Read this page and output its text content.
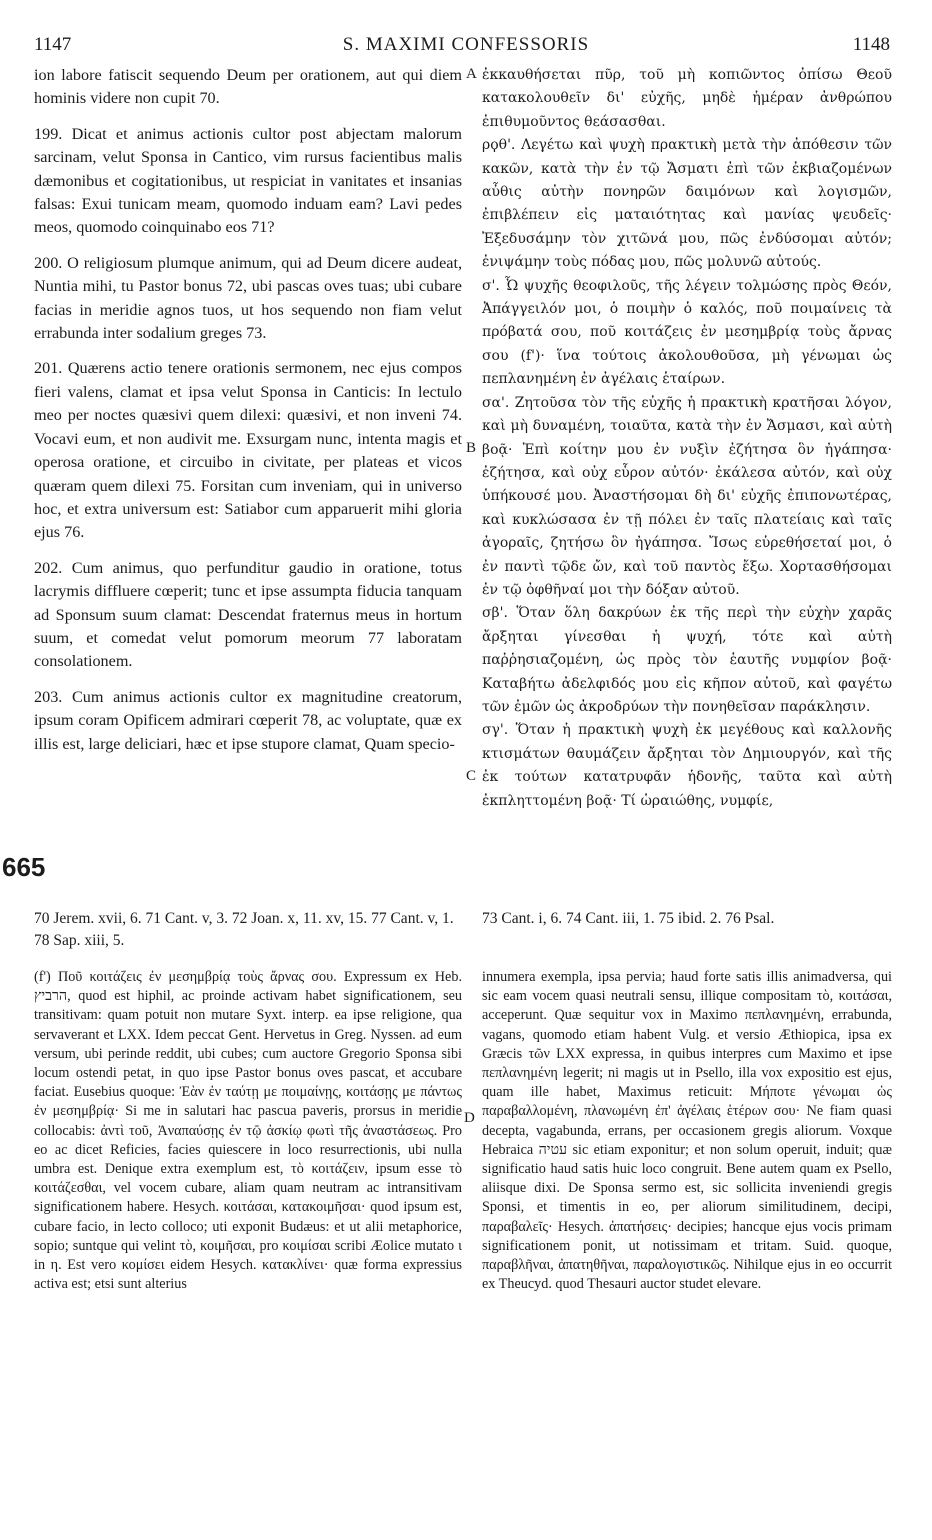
1147	S. MAXIMI CONFESSORIS	1148

ion labore fatiscit sequendo Deum per orationem, aut qui diem hominis videre non cupit 70.

199. Dicat et animus actionis cultor post abjectam malorum sarcinam, velut Sponsa in Cantico, vim rursus facientibus malis dæmonibus et cogitationibus, ut respiciat in vanitates et insanias falsas: Exui tunicam meam, quomodo induam eam? Lavi pedes meos, quomodo coinquinabo eos 71?

200. O religiosum plumque animum, qui ad Deum dicere audeat, Nuntia mihi, tu Pastor bonus 72, ubi pascas oves tuas; ubi cubare facias in meridie agnos tuos, ut hos sequendo non fiam velut errabunda inter sodalium greges 73.

201. Quærens actio tenere orationis sermonem, nec ejus compos fieri valens, clamat et ipsa velut Sponsa in Canticis: In lectulo meo per noctes quæsivi quem dilexi: quæsivi, et non inveni 74. Vocavi eum, et non audivit me. Exsurgam nunc, intenta magis et operosa oratione, et circuibo in civitate, per plateas et vicos quæram quem dilexi 75. Forsitan cum inveniam, qui in universo hoc, et extra universum est: Satiabor cum apparuerit mihi gloria ejus 76.

202. Cum animus, quo perfunditur gaudio in oratione, totus lacrymis diffluere cœperit; tunc et ipse assumpta fiducia tanquam ad Sponsum suum clamat: Descendat fraternus meus in hortum suum, et comedat velut pomorum meorum 77 laboratam consolationem.

203. Cum animus actionis cultor ex magnitudine creatorum, ipsum coram Opificem admirari cœperit 78, ac voluptate, quæ ex illis est, large deliciari, hæc et ipse stupore clamat, Quam specio-

ἐκκαυθήσεται πῦρ, τοῦ μὴ κοπιῶντος ὀπίσω Θεοῦ κατακολουθεῖν δι' εὐχῆς, μηδὲ ἡμέραν ἀνθρώπου ἐπιθυμοῦντος θεάσασθαι.

ρϙθ'. Λεγέτω καὶ ψυχὴ πρακτικὴ μετὰ τὴν ἀπόθεσιν τῶν κακῶν, κατὰ τὴν ἐν τῷ Ἄσματι ἐπὶ τῶν ἐκβιαζομένων αὖθις αὐτὴν πονηρῶν δαιμόνων καὶ λογισμῶν, ἐπιβλέπειν εἰς ματαιότητας καὶ μανίας ψευδεῖς· Ἐξεδυσάμην τὸν χιτῶνά μου, πῶς ἐνδύσομαι αὐτόν; ἐνιψάμην τοὺς πόδας μου, πῶς μολυνῶ αὐτούς.

σ'. Ὦ ψυχῆς θεοφιλοῦς, τῆς λέγειν τολμώσης πρὸς Θεόν, Ἀπάγγειλόν μοι, ὁ ποιμὴν ὁ καλός, ποῦ ποιμαίνεις τὰ πρόβατά σου, ποῦ κοιτάζεις ἐν μεσημβρίᾳ τοὺς ἄρνας σου (f')· ἵνα τούτοις ἀκολουθοῦσα, μὴ γένωμαι ὡς πεπλανημένη ἐν ἀγέλαις ἑταίρων.

σα'. Ζητοῦσα τὸν τῆς εὐχῆς ἡ πρακτικὴ κρατῆσαι λόγον, καὶ μὴ δυναμένη, τοιαῦτα, κατὰ τὴν ἐν Ἄσμασι, καὶ αὐτὴ βοᾷ· Ἐπὶ κοίτην μου ἐν νυξὶν ἐζήτησα ὃν ἠγάπησα· ἐζήτησα, καὶ οὐχ εὗρον αὐτόν· ἐκάλεσα αὐτόν, καὶ οὐχ ὑπήκουσέ μου. Ἀναστήσομαι δὴ δι' εὐχῆς ἐπιπονωτέρας, καὶ κυκλώσασα ἐν τῇ πόλει ἐν ταῖς πλατείαις καὶ ταῖς ἀγοραῖς, ζητήσω ὃν ἠγάπησα. Ἴσως εὑρεθήσεταί μοι, ὁ ἐν παντὶ τῷδε ὤν, καὶ τοῦ παντὸς ἔξω. Χορτασθήσομαι ἐν τῷ ὀφθῆναί μοι τὴν δόξαν αὐτοῦ.

σβ'. Ὅταν ὅλη δακρύων ἐκ τῆς περὶ τὴν εὐχὴν χαρᾶς ἄρξηται γίνεσθαι ἡ ψυχή, τότε καὶ αὐτὴ παῤῥησιαζομένη, ὡς πρὸς τὸν ἑαυτῆς νυμφίον βοᾷ· Καταβήτω ἀδελφιδός μου εἰς κῆπον αὐτοῦ, καὶ φαγέτω τῶν ἐμῶν ὡς ἀκροδρύων τὴν πονηθεῖσαν παράκλησιν.

σγ'. Ὅταν ἡ πρακτικὴ ψυχὴ ἐκ μεγέθους καὶ καλλονῆς κτισμάτων θαυμάζειν ἄρξηται τὸν Δημιουργόν, καὶ τῆς ἐκ τούτων κατατρυφᾶν ἡδονῆς, ταῦτα καὶ αὐτὴ ἐκπληττομένη βοᾷ· Τί ὡραιώθης, νυμφίε,

A
B
C
D
665
70 Jerem. xvii, 6. 71 Cant. v, 3. 72 Joan. x, 11. xv, 15. 77 Cant. v, 1. 78 Sap. xiii, 5.
73 Cant. i, 6. 74 Cant. iii, 1. 75 ibid. 2. 76 Psal.

(f') Ποῦ κοιτάζεις ἐν μεσημβρίᾳ τοὺς ἄρνας σου. Expressum ex Heb. הרביץ, quod est hiphil, ac proinde activam habet significationem, seu transitivam: quam potuit non mutare Syxt. interp. ea ipse religione, qua servaverant et LXX. Idem peccat Gent. Hervetus in Greg. Nyssen. ad eum versum, ubi perinde reddit, ubi cubes; cum auctore Gregorio Sponsa sibi locum ostendi petat, in quo ipse Pastor bonus oves pascat, et accubare faciat. Eusebius quoque: Ἐὰν ἐν ταύτῃ με ποιμαίνῃς, κοιτάσῃς με πάντως ἐν μεσημβρίᾳ· Si me in salutari hac pascua paveris, prorsus in meridie collocabis: ἀντὶ τοῦ, Ἀναπαύσῃς ἐν τῷ ἀσκίῳ φωτὶ τῆς ἀναστάσεως. Pro eo ac dicet Reficies, facies quiescere in loco resurrectionis, ubi nulla umbra est. Denique extra exemplum est, τὸ κοιτάζειν, ipsum esse τὸ κοιτάζεσθαι, vel vocem cubare, aliam quam neutram ac intransitivam significationem habere. Hesych. κοιτάσαι, κατακοιμῆσαι· quod ipsum est, cubare facio, in lecto colloco; uti exponit Budæus: et ut alii metaphorice, sopio; suntque qui velint τὸ, κοιμῆσαι, pro κοιμίσαι scribi Æolice mutato ι in η. Est vero κομίσει eidem Hesych. κατακλίνει· quæ forma expressius activa est; etsi sunt alterius

innumera exempla, ipsa pervia; haud forte satis illis animadversa, qui sic eam vocem quasi neutrali sensu, illique compositam τὸ, κοιτάσαι, acceperunt. Quæ sequitur vox in Maximo πεπλανημένη, errabunda, vagans, quomodo etiam habent Vulg. et versio Æthiopica, ipsa ex Græcis τῶν LXX expressa, in quibus interpres cum Maximo et ipse πεπλανημένη legerit; ni magis ut in Psello, illa vox expositio est ejus, quam ille habet, Maximus reticuit: Μήποτε γένωμαι ὡς παραβαλλομένη, πλανωμένη ἐπ' ἀγέλαις ἑτέρων σου· Ne fiam quasi decepta, vagabunda, errans, per occasionem gregis aliorum. Voxque Hebraica עטיה sic etiam exponitur; et non solum operuit, induit; quæ significatio haud satis huic loco congruit. Bene autem quam ex Psello, aliisque dixi. De Sponsa sermo est, sic sollicita inveniendi gregis Sponsi, et timentis in eo, per aliorum similitudinem, decipi, παραβαλεῖς· Hesych. ἀπατήσεις· decipies; hancque ejus vocis primam significationem ponit, ut notissimam et tritam. Suid. quoque, παραβλῆναι, ἀπατηθῆναι, παραλογιστικῶς. Nihilque ejus in eo occurrit ex Theucyd. quod Thesauri auctor studet elevare.
